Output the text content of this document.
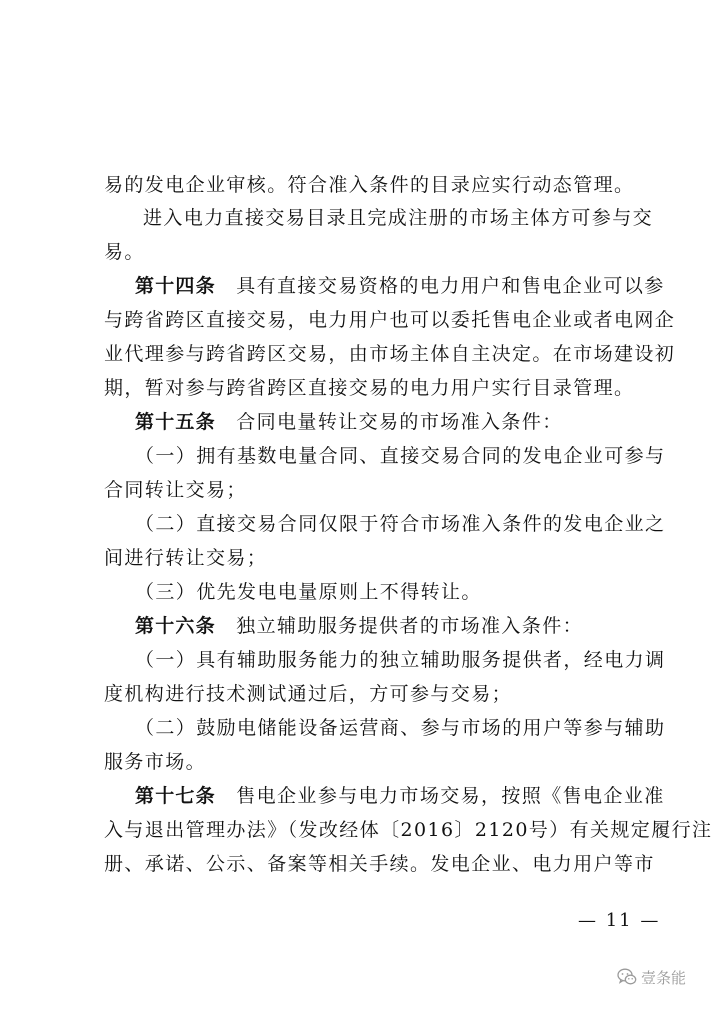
易的发电企业审核。符合准入条件的目录应实行动态管理。
进入电力直接交易目录且完成注册的市场主体方可参与交
易。
第十四条  具有直接交易资格的电力用户和售电企业可以参
与跨省跨区直接交易，电力用户也可以委托售电企业或者电网企
业代理参与跨省跨区交易，由市场主体自主决定。在市场建设初
期，暂对参与跨省跨区直接交易的电力用户实行目录管理。
第十五条  合同电量转让交易的市场准入条件：
（一）拥有基数电量合同、直接交易合同的发电企业可参与
合同转让交易；
（二）直接交易合同仅限于符合市场准入条件的发电企业之
间进行转让交易；
（三）优先发电电量原则上不得转让。
第十六条  独立辅助服务提供者的市场准入条件：
（一）具有辅助服务能力的独立辅助服务提供者，经电力调
度机构进行技术测试通过后，方可参与交易；
（二）鼓励电储能设备运营商、参与市场的用户等参与辅助
服务市场。
第十七条  售电企业参与电力市场交易，按照《售电企业准
入与退出管理办法》（发改经体〔2016〕2120号）有关规定履行注
册、承诺、公示、备案等相关手续。发电企业、电力用户等市
— 11 —
壹条能
